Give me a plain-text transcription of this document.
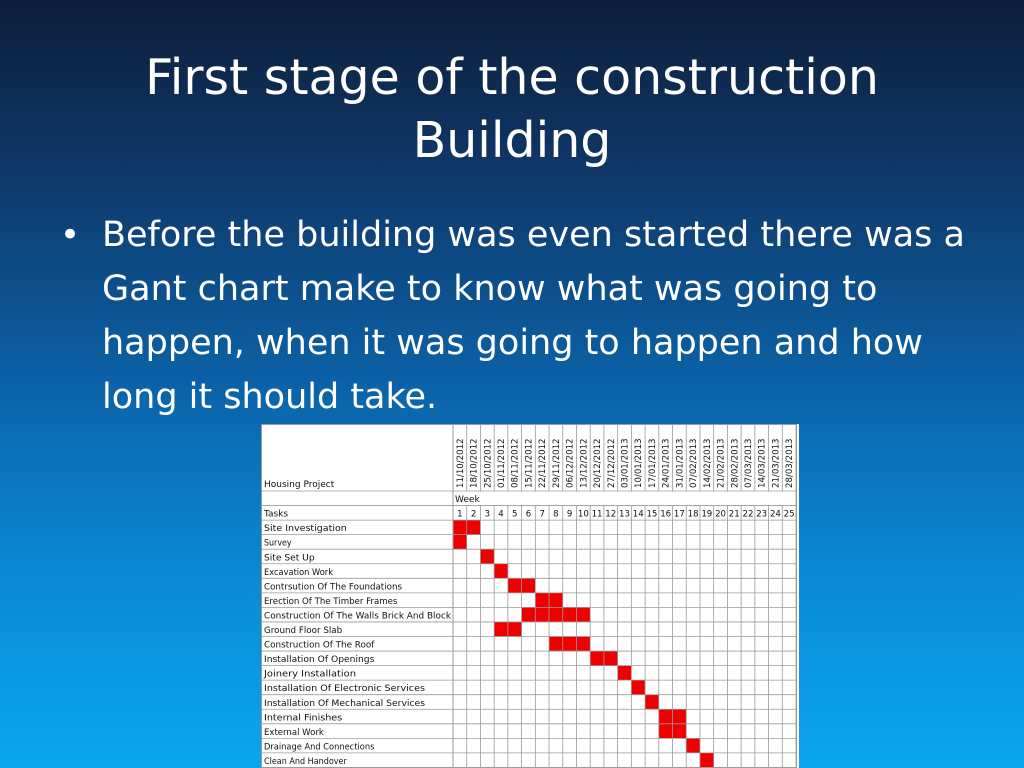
First stage of the construction
Building
• Before the building was even started there was a Gant chart make to know what was going to happen, when it was going to happen and how long it should take.
Housing Project
Week
Tasks
11/10/2012 18/10/2012 25/10/2012 01/11/2012 08/11/2012 15/11/2012 22/11/2012 29/11/2012 06/12/2012 13/12/2012 20/12/2012 27/12/2012 03/01/2013 10/01/2013 17/01/2013 24/01/2013 31/01/2013 07/02/2013 14/02/2013 21/02/2013 28/02/2013 07/03/2013 14/03/2013 21/03/2013 28/03/2013
1 2 3 4 5 6 7 8 9 10 11 12 13 14 15 16 17 18 19 20 21 22 23 24 25
Site Investigation
Survey
Site Set Up
Excavation Work
Contrsution Of The Foundations
Erection Of The Timber Frames
Construction Of The Walls Brick And Block
Ground Floor Slab
Construction Of The Roof
Installation Of Openings
Joinery Installation
Installation Of Electronic Services
Installation Of Mechanical Services
Internal Finishes
External Work
Drainage And Connections
Clean And Handover
